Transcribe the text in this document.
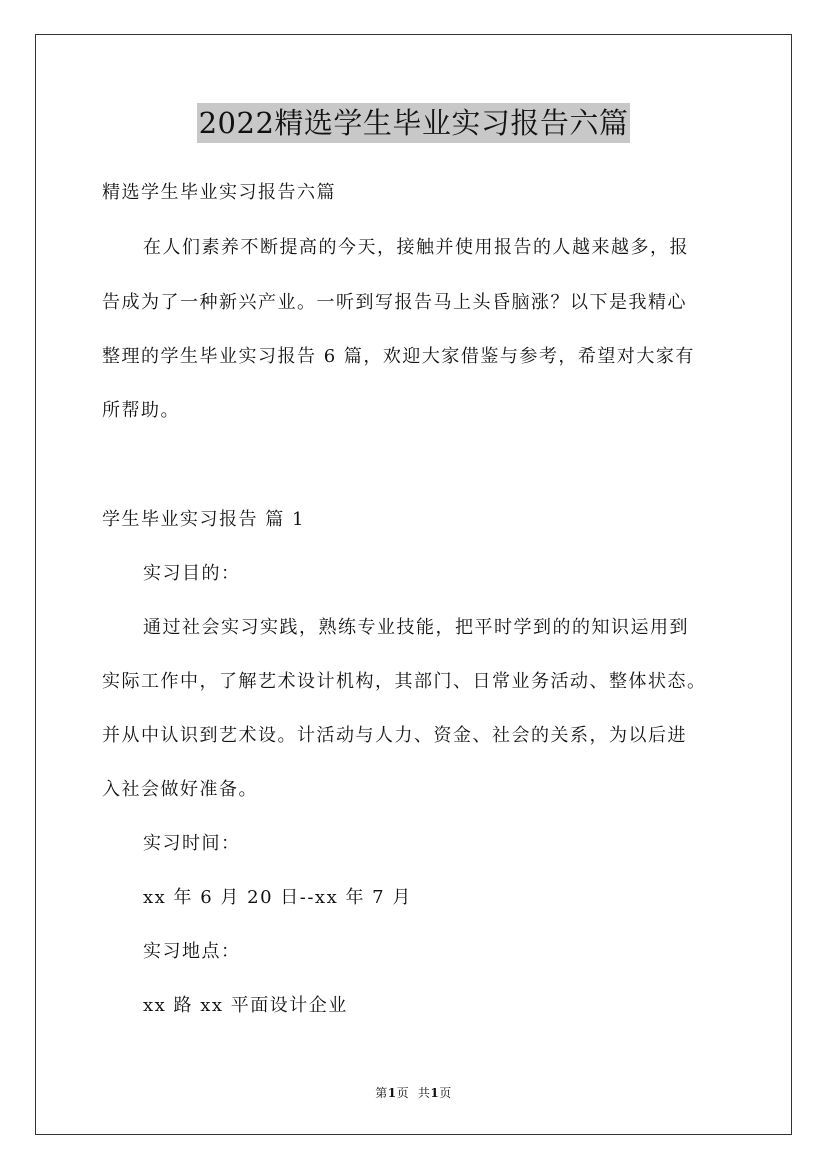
2022精选学生毕业实习报告六篇
精选学生毕业实习报告六篇
在人们素养不断提高的今天，接触并使用报告的人越来越多，报
告成为了一种新兴产业。一听到写报告马上头昏脑涨？以下是我精心
整理的学生毕业实习报告 6 篇，欢迎大家借鉴与参考，希望对大家有
所帮助。
学生毕业实习报告 篇 1
实习目的：
通过社会实习实践，熟练专业技能，把平时学到的的知识运用到
实际工作中，了解艺术设计机构，其部门、日常业务活动、整体状态。
并从中认识到艺术设。计活动与人力、资金、社会的关系，为以后进
入社会做好准备。
实习时间：
xx 年 6 月 20 日--xx 年 7 月
实习地点：
xx 路 xx 平面设计企业
第1页 共1页
